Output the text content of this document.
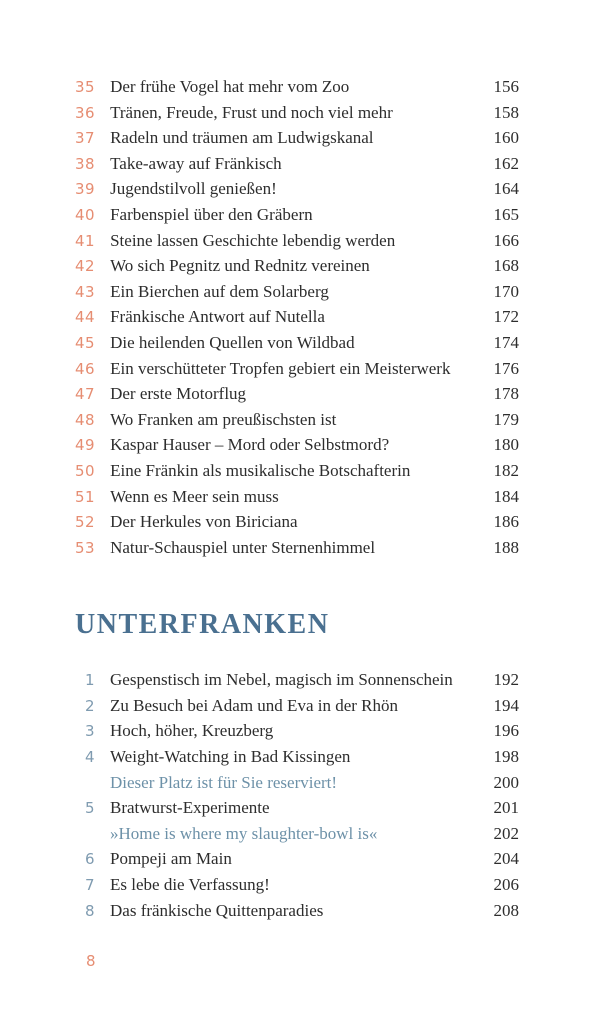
35 Der frühe Vogel hat mehr vom Zoo	156
36 Tränen, Freude, Frust und noch viel mehr	158
37 Radeln und träumen am Ludwigskanal	160
38 Take-away auf Fränkisch	162
39 Jugendstilvoll genießen!	164
40 Farbenspiel über den Gräbern	165
41 Steine lassen Geschichte lebendig werden	166
42 Wo sich Pegnitz und Rednitz vereinen	168
43 Ein Bierchen auf dem Solarberg	170
44 Fränkische Antwort auf Nutella	172
45 Die heilenden Quellen von Wildbad	174
46 Ein verschütteter Tropfen gebiert ein Meisterwerk	176
47 Der erste Motorflug	178
48 Wo Franken am preußischsten ist	179
49 Kaspar Hauser – Mord oder Selbstmord?	180
50 Eine Fränkin als musikalische Botschafterin	182
51 Wenn es Meer sein muss	184
52 Der Herkules von Biriciana	186
53 Natur-Schauspiel unter Sternenhimmel	188
UNTERFRANKEN
1 Gespenstisch im Nebel, magisch im Sonnenschein	192
2 Zu Besuch bei Adam und Eva in der Rhön	194
3 Hoch, höher, Kreuzberg	196
4 Weight-Watching in Bad Kissingen	198
Dieser Platz ist für Sie reserviert!	200
5 Bratwurst-Experimente	201
»Home is where my slaughter-bowl is«	202
6 Pompeji am Main	204
7 Es lebe die Verfassung!	206
8 Das fränkische Quittenparadies	208
8
